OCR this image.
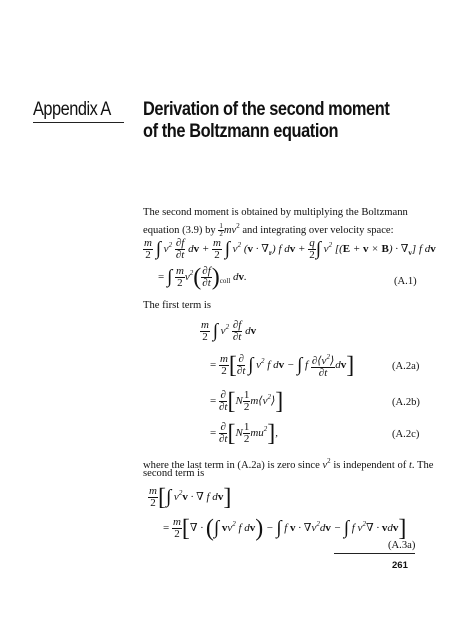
Appendix A Derivation of the second moment
of the Boltzmann equation
The second moment is obtained by multiplying the Boltzmann
equation (3.9) by $\frac{1}{2} mv^2$ and integrating over velocity space:
$\frac{m}{2}$ ∫ $v^2 \frac{\partial f}{\partial t}$ dv + $\frac{m}{2}$ ∫ $v^2$ $(v \cdot \nabla_r)$ f dv + $\frac{q}{2}$ ∫ $v^2$ $[(E + v \times B) \cdot \nabla_v]$ f dv
= ∫ $\frac{m}{2} v^2( \frac{\partial f}{\partial t} )_{coll}$ dv.	(A.1)
The first term is
$\frac{m}{2}$ ∫ $v^2 \frac{\partial f}{\partial t}$ dv
= $\frac{m}{2}$ [ $\frac{\partial}{\partial t}$ ∫ $v^2$ f dv − ∫ f $\frac{\partial⟨v^2⟩}{\partial t} dv$]	(A.2a)
= $\frac{\partial}{\partial t} [N \frac{1}{2}$ $m⟨v^2⟩$]	(A.2b)
= $\frac{\partial}{\partial t} [N \frac{1}{2} mu^2]$,	(A.2c)
where the last term in (A.2a) is zero since $v^2$ is independent of t. The
second term is
$\frac{m}{2}$ [∫ $v^2v$ · ∇ f dv]
= $\frac{m}{2}$ [∇ · (∫ $vv^2$ f dv) − ∫ f $v \cdot \nabla v^2dv$ − ∫ f $v^2\nabla \cdot vdv$]
(A.3a)
261
